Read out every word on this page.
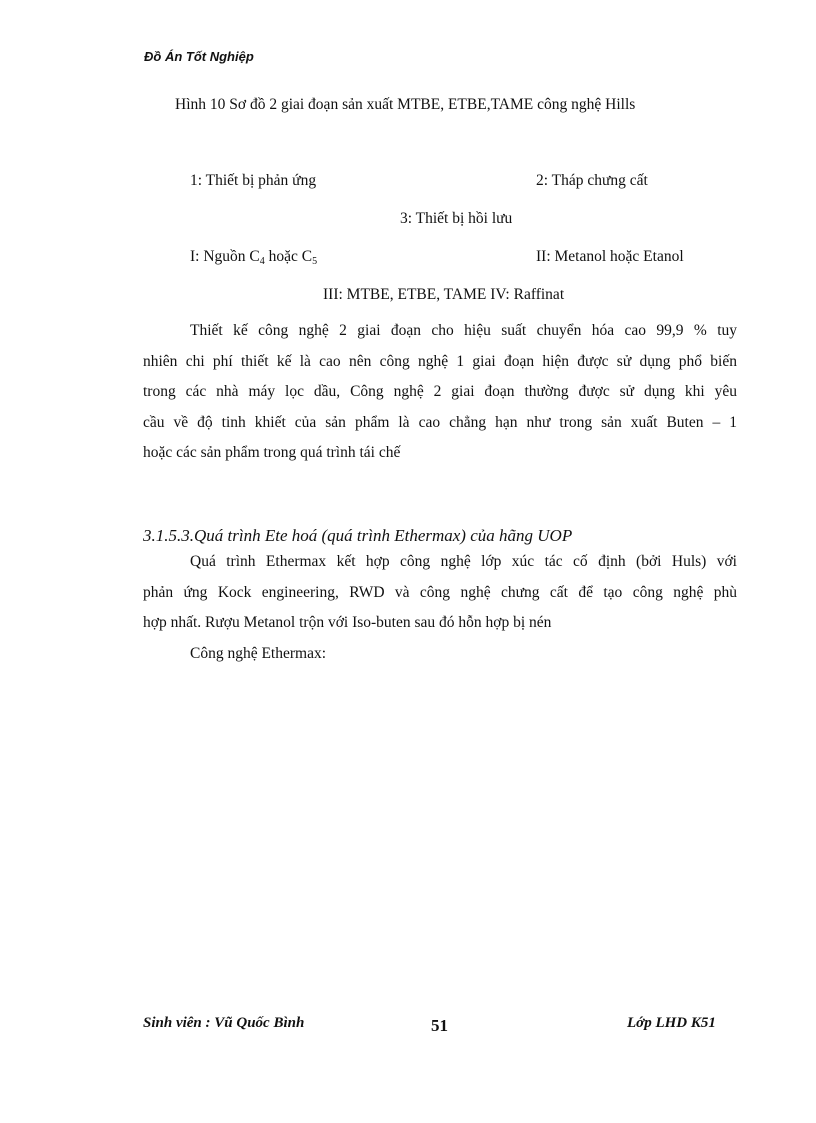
Đồ Án Tốt Nghiệp
Hình 10 Sơ đồ 2 giai đoạn sản xuất MTBE, ETBE,TAME công nghệ Hills
1: Thiết bị phản ứng	2: Tháp chưng cất
3: Thiết bị hồi lưu
I: Nguồn $C_4$ hoặc $C_5$	II: Metanol hoặc Etanol
III: MTBE, ETBE, TAME IV: Raffinat

Thiết kế công nghệ 2 giai đoạn cho hiệu suất chuyển hóa cao 99,9 % tuy

nhiên chi phí thiết kế là cao nên công nghệ 1 giai đoạn hiện được sử dụng phổ biến

trong các nhà máy lọc dầu, Công nghệ 2 giai đoạn thường được sử dụng khi yêu

cầu về độ tinh khiết của sản phẩm là cao chẳng hạn như trong sản xuất Buten – 1

hoặc các sản phẩm trong quá trình tái chế

3.1.5.3.Quá trình Ete hoá (quá trình Ethermax) của hãng UOP

Quá trình Ethermax kết hợp công nghệ lớp xúc tác cố định (bởi Huls) với

phản ứng Kock engineering, RWD và công nghệ chưng cất để tạo công nghệ phù

hợp nhất. Rượu Metanol trộn với Iso-buten sau đó hỗn hợp bị nén

Công nghệ Ethermax:

Sinh viên : Vũ Quốc Bình	51	Lớp LHD K51
